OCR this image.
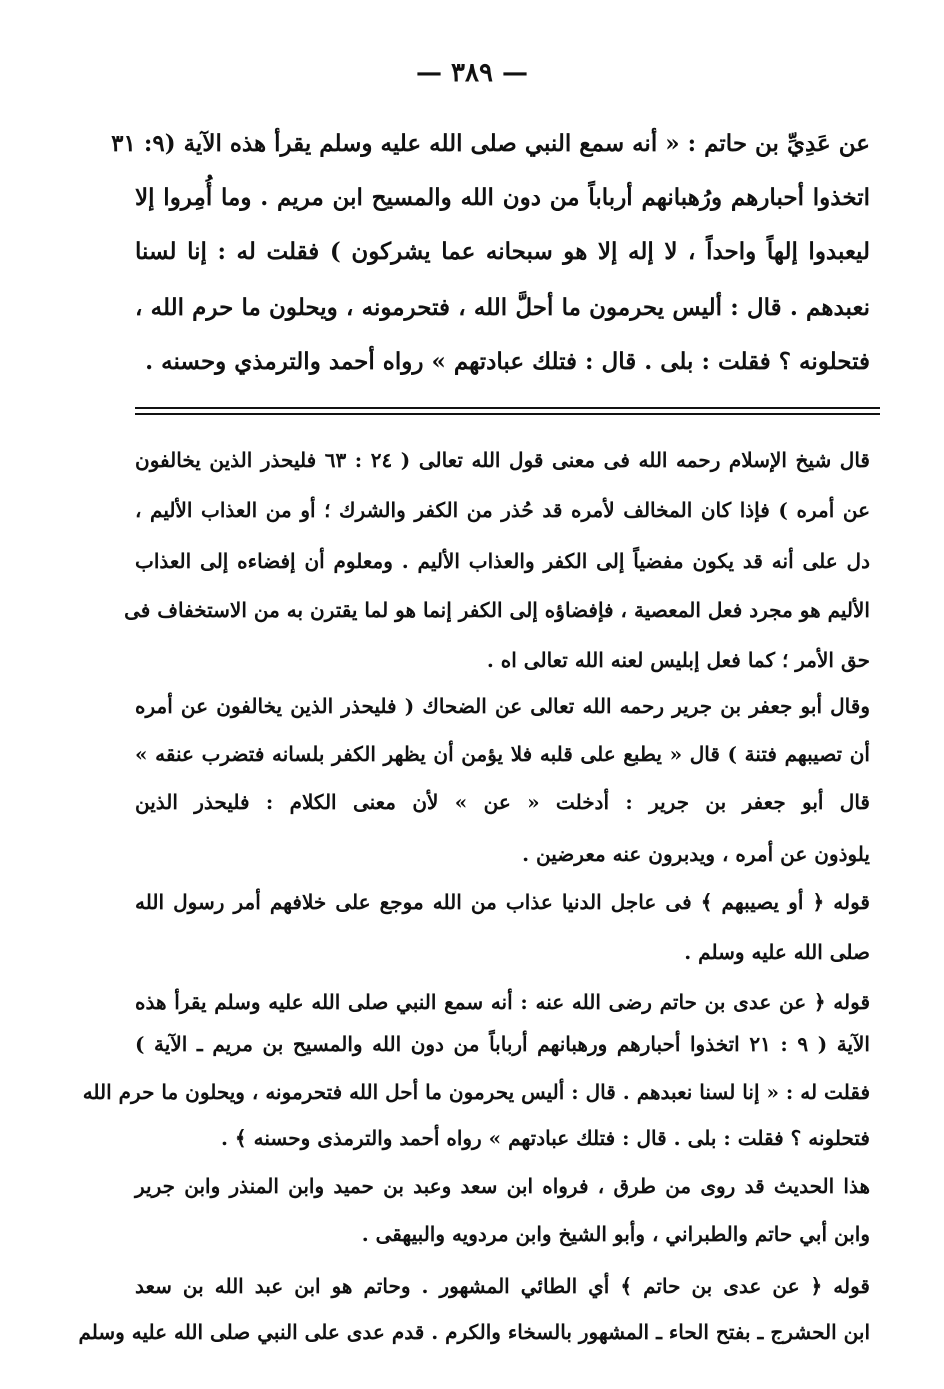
— ٣٨٩ —
عن عَدِيِّ بن حاتم : « أنه سمع النبي صلى الله عليه وسلم يقرأ هذه الآية (٩: ٣١
اتخذوا أحبارهم ورُهبانهم أرباباً من دون الله والمسيح ابن مريم . وما أُمِروا إلا
ليعبدوا إلهاً واحداً ، لا إله إلا هو سبحانه عما يشركون ) فقلت له : إنا لسنا
نعبدهم . قال : أليس يحرمون ما أحلَّ الله ، فتحرمونه ، ويحلون ما حرم الله ،
فتحلونه ؟ فقلت : بلى . قال : فتلك عبادتهم » رواه أحمد والترمذي وحسنه .
قال شيخ الإسلام رحمه الله فى معنى قول الله تعالى ( ٢٤ : ٦٣ فليحذر الذين يخالفون
عن أمره ) فإذا كان المخالف لأمره قد حُذر من الكفر والشرك ؛ أو من العذاب الأليم ،
دل على أنه قد يكون مفضياً إلى الكفر والعذاب الأليم . ومعلوم أن إفضاءه إلى العذاب
الأليم هو مجرد فعل المعصية ، فإفضاؤه إلى الكفر إنما هو لما يقترن به من الاستخفاف فى
حق الأمر ؛ كما فعل إبليس لعنه الله تعالى اه .
وقال أبو جعفر بن جرير رحمه الله تعالى عن الضحاك ( فليحذر الذين يخالفون عن أمره
أن تصيبهم فتنة ) قال « يطبع على قلبه فلا يؤمن أن يظهر الكفر بلسانه فتضرب عنقه »
قال أبو جعفر بن جرير : أدخلت « عن » لأن معنى الكلام : فليحذر الذين
يلوذون عن أمره ، ويدبرون عنه معرضين .
قوله ﴿ أو يصيبهم ﴾ فى عاجل الدنيا عذاب من الله موجع على خلافهم أمر رسول الله
صلى الله عليه وسلم .
قوله ﴿ عن عدى بن حاتم رضى الله عنه : أنه سمع النبي صلى الله عليه وسلم يقرأ هذه
الآية ( ٩ : ٢١ اتخذوا أحبارهم ورهبانهم أرباباً من دون الله والمسيح بن مريم ـ الآية )
فقلت له : « إنا لسنا نعبدهم . قال : أليس يحرمون ما أحل الله فتحرمونه ، ويحلون ما حرم الله
فتحلونه ؟ فقلت : بلى . قال : فتلك عبادتهم » رواه أحمد والترمذى وحسنه ﴾ .
هذا الحديث قد روى من طرق ، فرواه ابن سعد وعبد بن حميد وابن المنذر وابن جرير
وابن أبي حاتم والطبراني ، وأبو الشيخ وابن مردويه والبيهقى .
قوله ﴿ عن عدى بن حاتم ﴾ أي الطائي المشهور . وحاتم هو ابن عبد الله بن سعد
ابن الحشرج ـ بفتح الحاء ـ المشهور بالسخاء والكرم . قدم عدى على النبي صلى الله عليه وسلم
